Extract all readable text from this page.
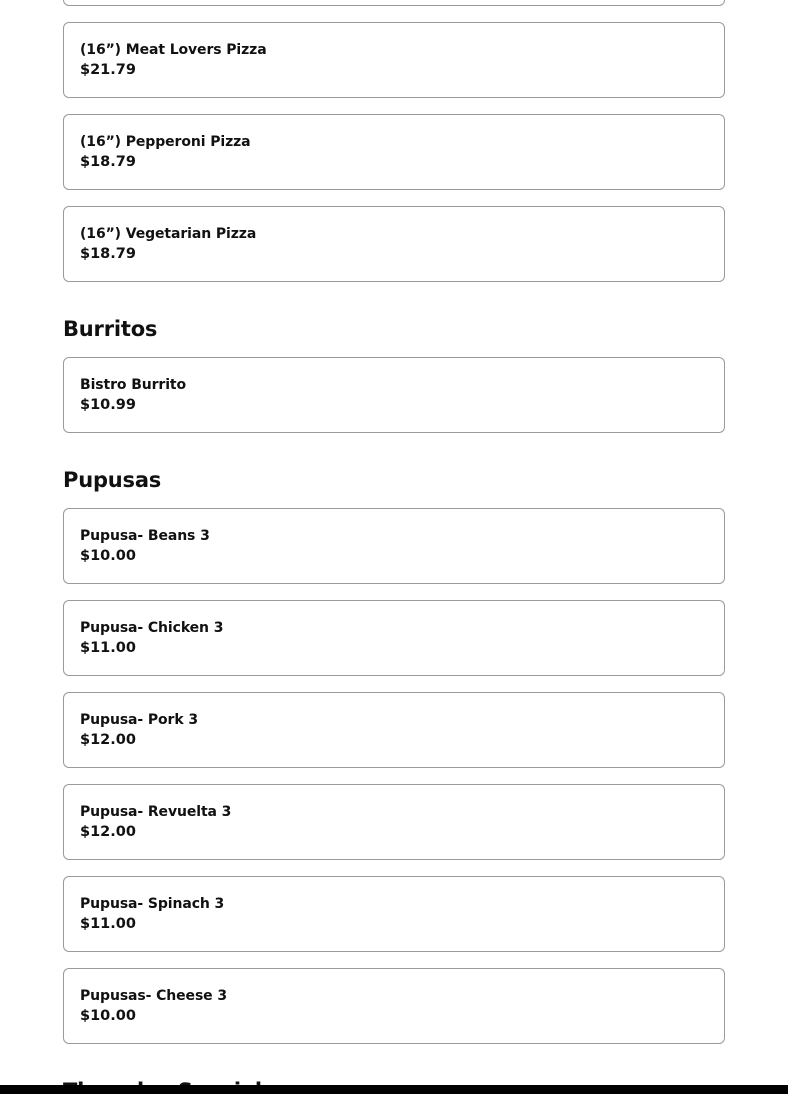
(16”) Meat Lovers Pizza
$21.79
(16”) Pepperoni Pizza
$18.79
(16”) Vegetarian Pizza
$18.79
Burritos
Bistro Burrito
$10.99
Pupusas
Pupusa- Beans 3
$10.00
Pupusa- Chicken 3
$11.00
Pupusa- Pork 3
$12.00
Pupusa- Revuelta 3
$12.00
Pupusa- Spinach 3
$11.00
Pupusas- Cheese 3
$10.00
